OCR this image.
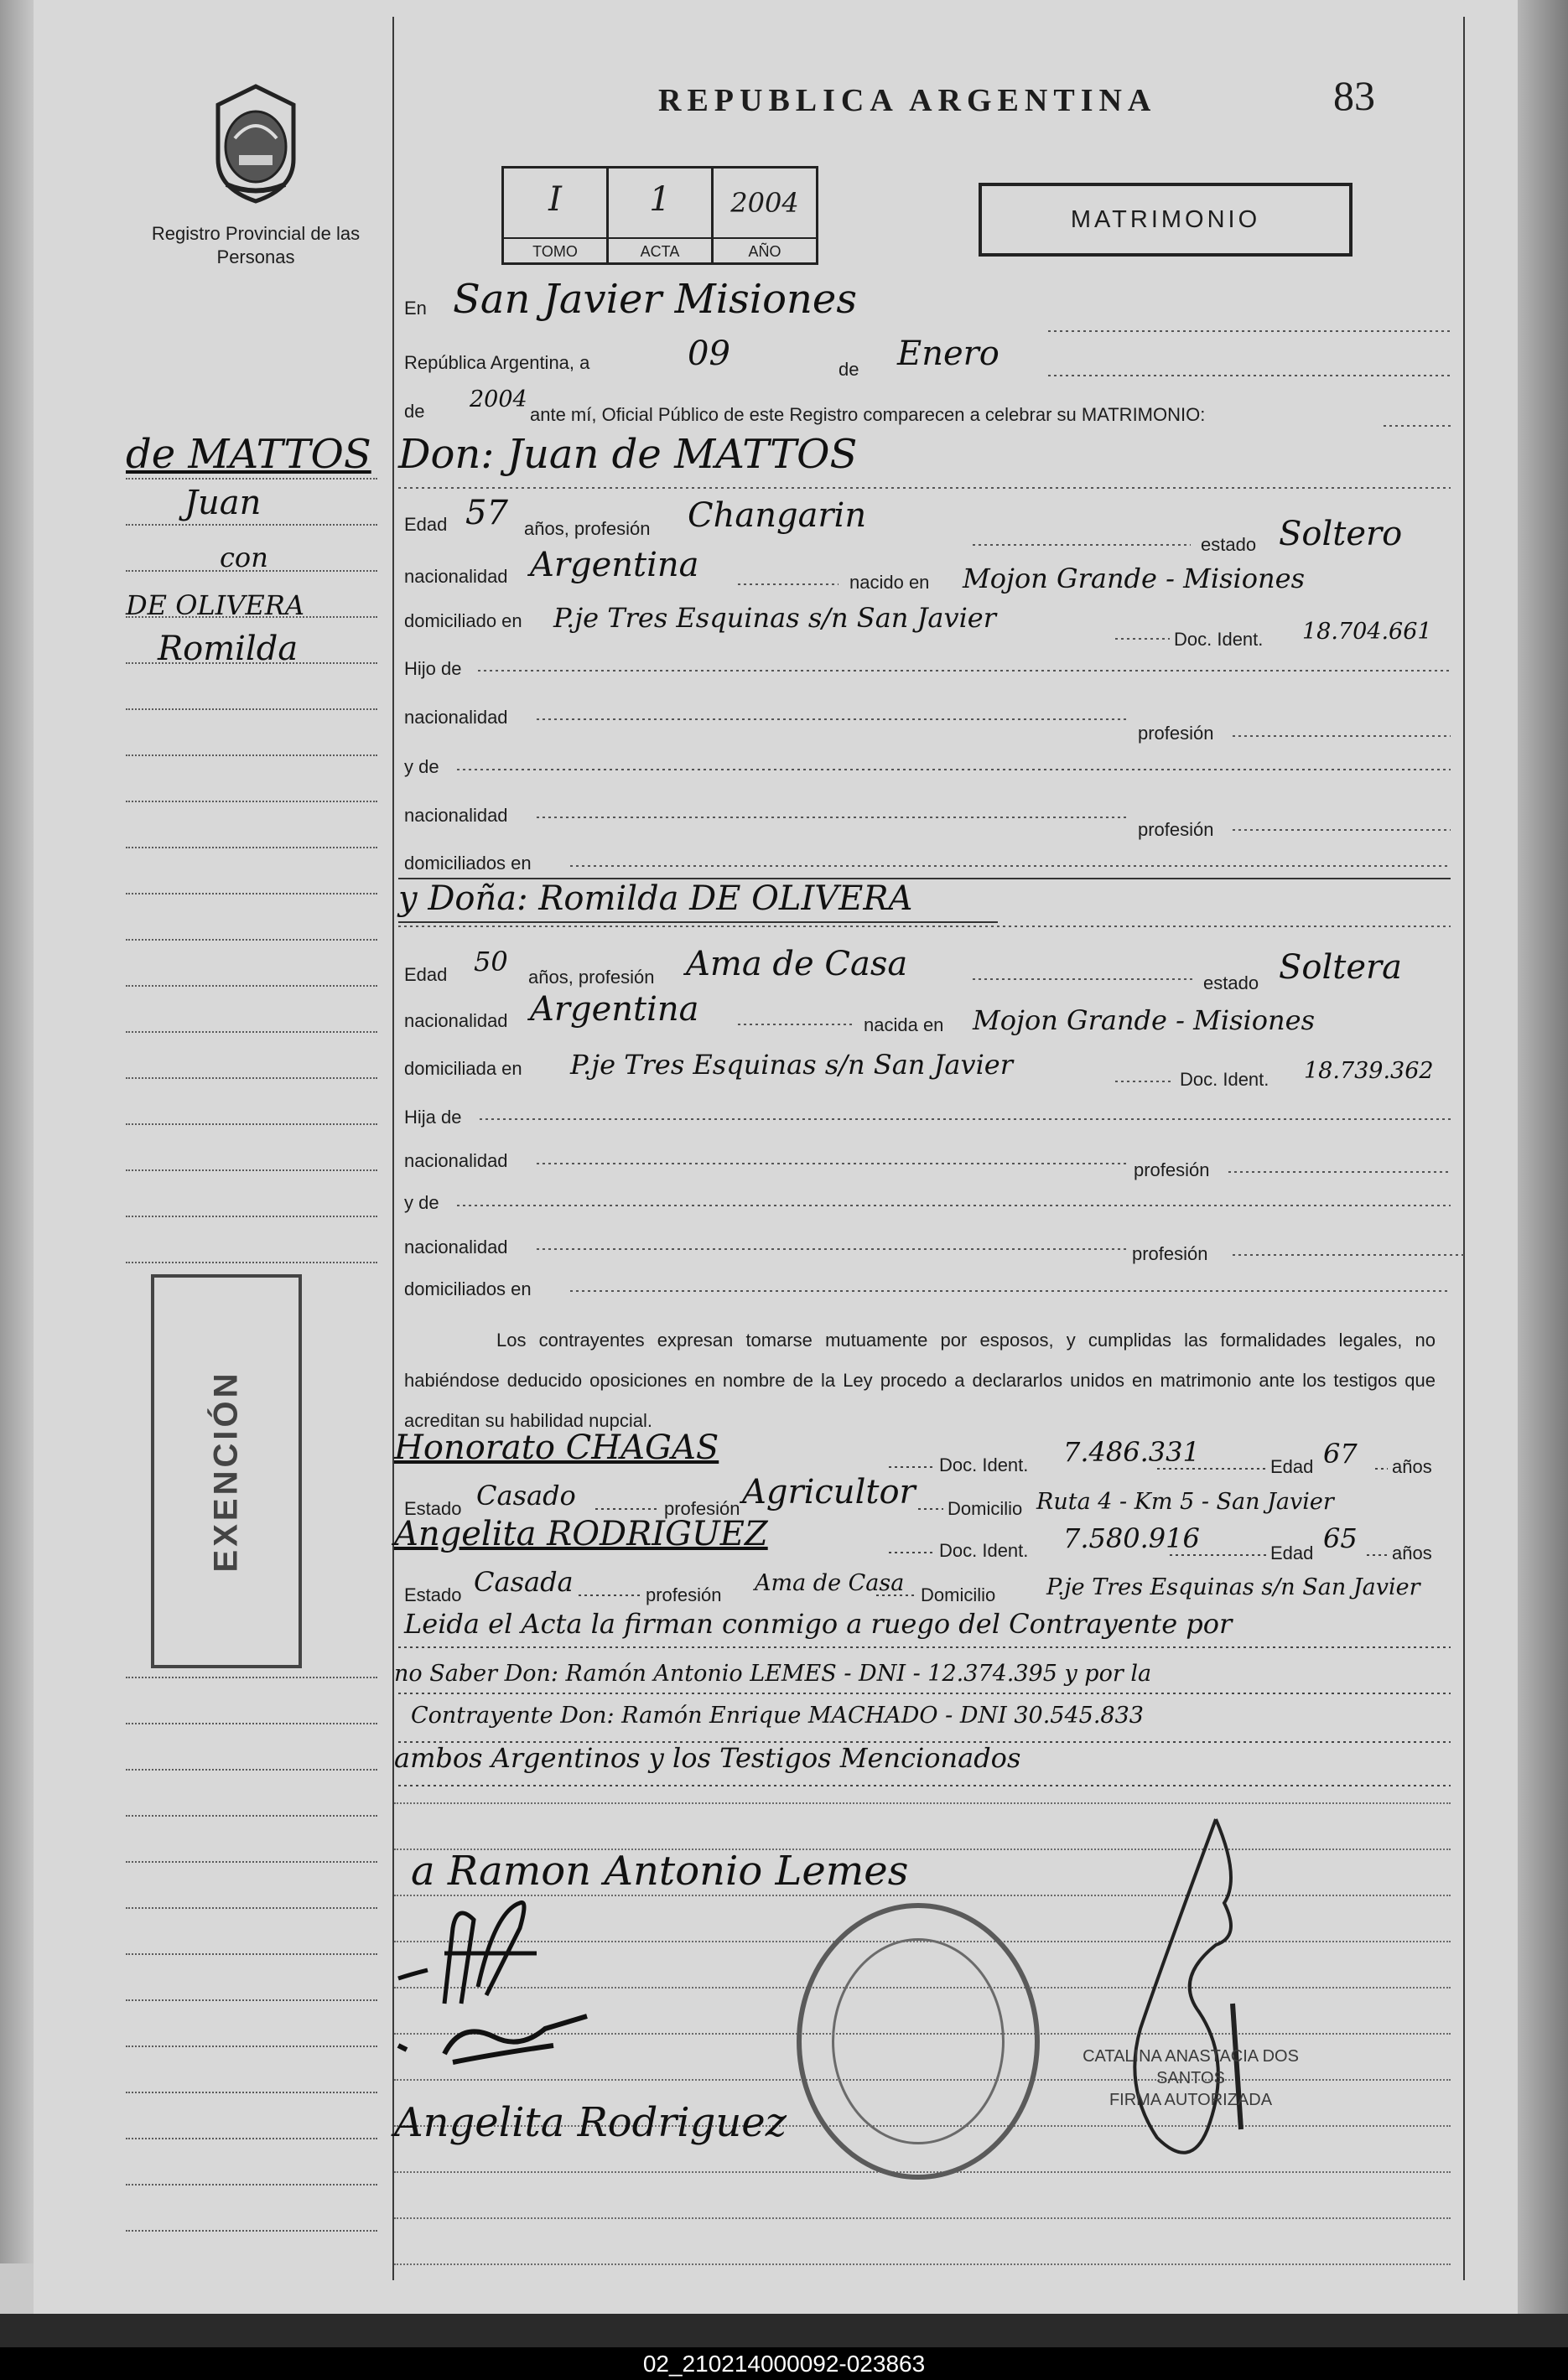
02_210214000092-023863
Registro Provincial de las Personas
REPUBLICA ARGENTINA	83
I
TOMO
1
ACTA
2004
AÑO
MATRIMONIO
de MATTOS
Juan
con
DE OLIVERA
Romilda
En San Javier Misiones
República Argentina, a	09	de Enero
de 2004
ante mí, Oficial Público de este Registro comparecen a celebrar su MATRIMONIO:
Don: Juan de MATTOS
Edad 57 años, profesión Changarin
estado Soltero
nacionalidad Argentina	nacido en Mojon Grande - Misiones
domiciliado en P.je Tres Esquinas s/n San Javier
Doc. Ident. 18.704.661
Hijo de
nacionalidad
profesión
y de
nacionalidad
profesión
domiciliados en
y Doña: Romilda DE OLIVERA
Edad 50 años, profesión Ama de Casa	estado Soltera
nacionalidad Argentina	nacida en Mojon Grande - Misiones
domiciliada en P.je Tres Esquinas s/n San Javier	Doc. Ident. 18.739.362
Hija de
nacionalidad	profesión
y de
nacionalidad	profesión
domiciliados en
Los contrayentes expresan tomarse mutuamente por esposos, y cumplidas las formalidades legales, no habiéndose deducido oposiciones en nombre de la Ley procedo a declararlos unidos en matrimonio ante los testigos que acreditan su habilidad nupcial.
Honorato CHAGAS	Doc. Ident. 7.486.331	Edad 67 años
Estado Casado	profesión Agricultor Domicilio Ruta 4 - Km 5 - San Javier
Angelita RODRIGUEZ	Doc. Ident. 7.580.916	Edad 65 años
Estado Casada	profesión Ama de Casa Domicilio P.je Tres Esquinas s/n San Javier
Leida el Acta la firman conmigo a ruego del Contrayente por
no Saber Don: Ramón Antonio LEMES - DNI - 12.374.395 y por la
Contrayente Don: Ramón Enrique MACHADO - DNI 30.545.833
ambos Argentinos y los Testigos Mencionados
a Ramon Antonio Lemes
Angelita Rodriguez
EXENCIÓN
CATALINA ANASTACIA DOS SANTOS
FIRMA AUTORIZADA
